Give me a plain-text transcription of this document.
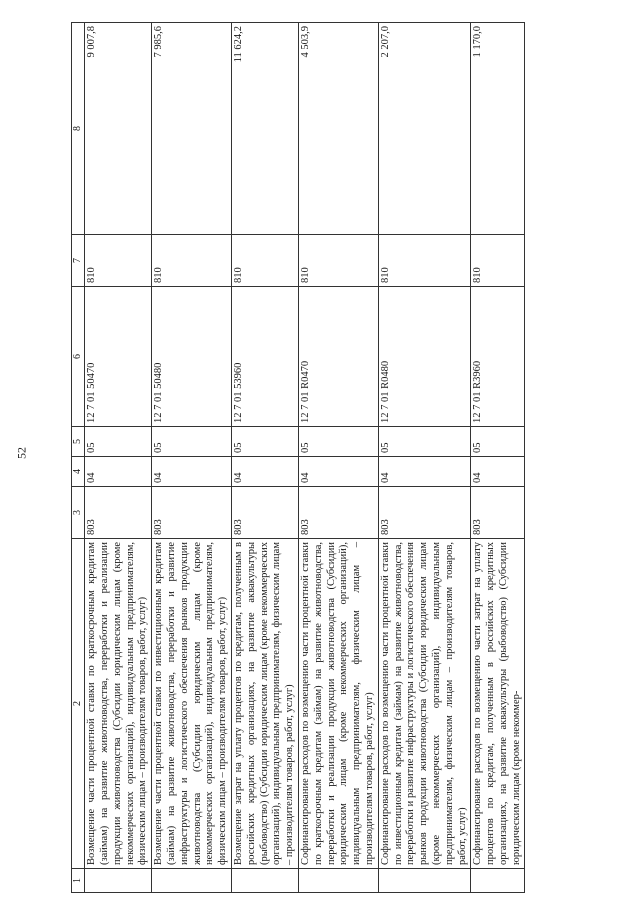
52
1	2	3	4	5	6	7	8
	Возмещение части процентной ставки по краткосрочным кредитам (займам) на развитие животноводства, переработки и реализации продукции животноводства (Субсидии юридическим лицам (кроме некоммерческих организаций), индивидуальным предпринимателям, физическим лицам – производителям товаров, работ, услуг)	803	04	05	12 7 01 50470	810	9 007,8
	Возмещение части процентной ставки по инвестиционным кредитам (займам) на развитие животноводства, переработки и развитие инфраструктуры и логистического обеспечения рынков продукции животноводства (Субсидии юридическим лицам (кроме некоммерческих организаций), индивидуальным предпринимателям, физическим лицам – производителям товаров, работ, услуг)	803	04	05	12 7 01 50480	810	7 985,6
	Возмещение затрат на уплату процентов по кредитам, полученным в российских кредитных организациях, на развитие аквакультуры (рыбоводство) (Субсидии юридическим лицам (кроме некоммерческих организаций), индивидуальным предпринимателям, физическим лицам – производителям товаров, работ, услуг)	803	04	05	12 7 01 53960	810	11 624,2
	Софинансирование расходов по возмещению части процентной ставки по краткосрочным кредитам (займам) на развитие животноводства, переработки и реализации продукции животноводства (Субсидии юридическим лицам (кроме некоммерческих организаций), индивидуальным предпринимателям, физическим лицам – производителям товаров, работ, услуг)	803	04	05	12 7 01 R0470	810	4 503,9
	Софинансирование расходов по возмещению части процентной ставки по инвестиционным кредитам (займам) на развитие животноводства, переработки и развитие инфраструктуры и логистического обеспечения рынков продукции животноводства (Субсидии юридическим лицам (кроме некоммерческих организаций), индивидуальным предпринимателям, физическим лицам – производителям товаров, работ, услуг)	803	04	05	12 7 01 R0480	810	2 207,0
	Софинансирование расходов по возмещению части затрат на уплату процентов по кредитам, полученным в российских кредитных организациях, на развитие аквакультуры (рыбоводство) (Субсидии юридическим лицам (кроме некоммер-	803	04	05	12 7 01 R3960	810	1 170,0
